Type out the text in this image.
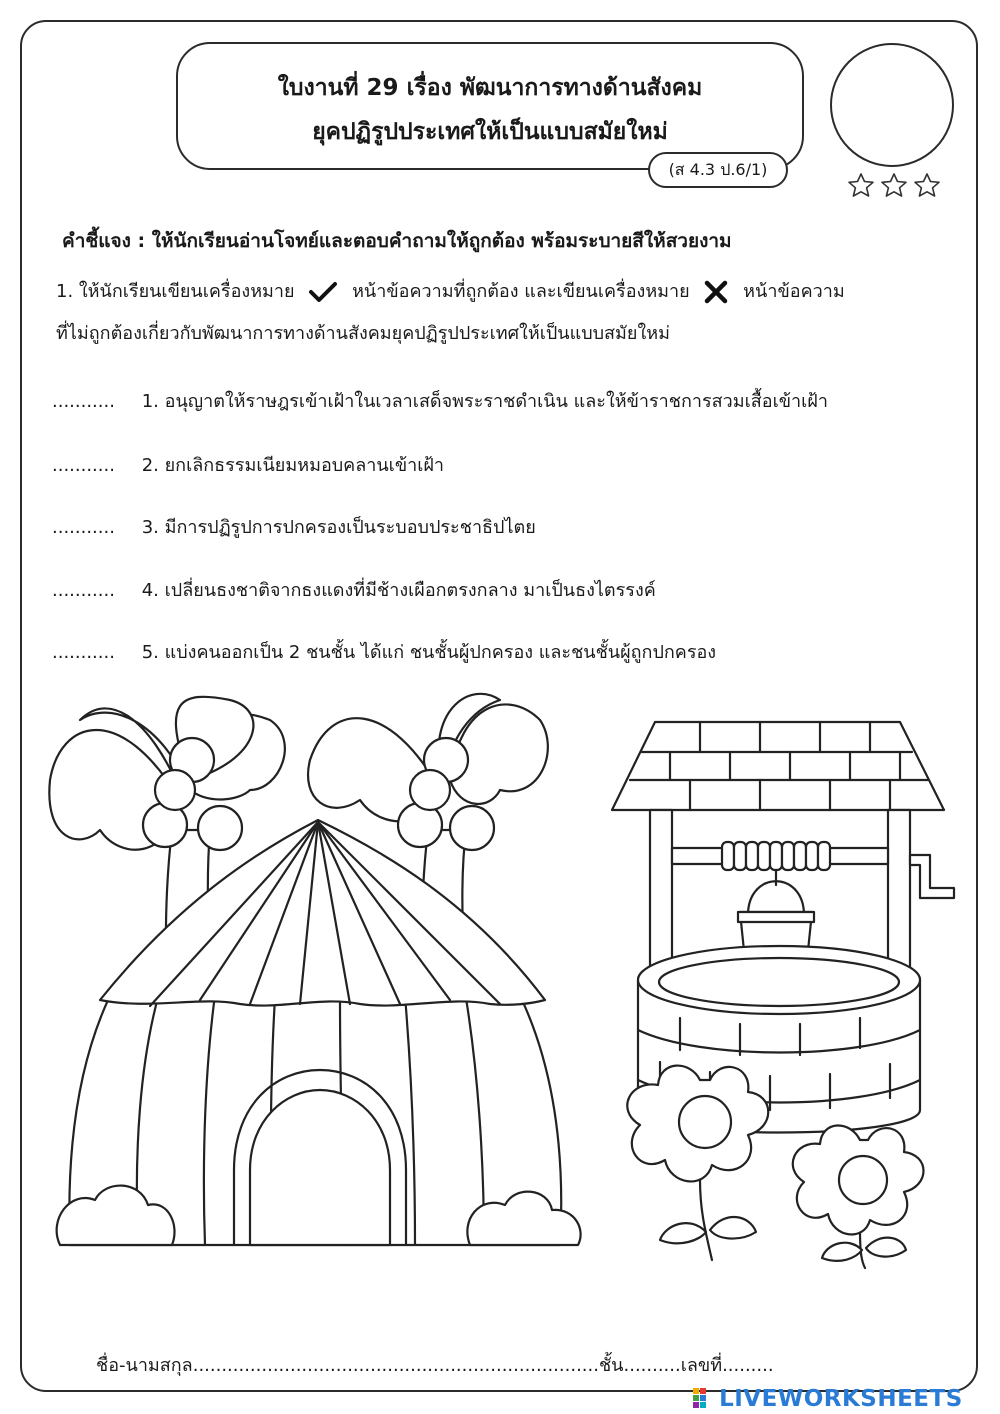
ใบงานที่ 29 เรื่อง พัฒนาการทางด้านสังคม
ยุคปฏิรูปประเทศให้เป็นแบบสมัยใหม่
(ส 4.3 ป.6/1)
คำชี้แจง : ให้นักเรียนอ่านโจทย์และตอบคำถามให้ถูกต้อง พร้อมระบายสีให้สวยงาม
1. ให้นักเรียนเขียนเครื่องหมาย	หน้าข้อความที่ถูกต้อง และเขียนเครื่องหมาย	หน้าข้อความ
ที่ไม่ถูกต้องเกี่ยวกับพัฒนาการทางด้านสังคมยุคปฏิรูปประเทศให้เป็นแบบสมัยใหม่
........... 1. อนุญาตให้ราษฎรเข้าเฝ้าในเวลาเสด็จพระราชดำเนิน และให้ข้าราชการสวมเสื้อเข้าเฝ้า
........... 2. ยกเลิกธรรมเนียมหมอบคลานเข้าเฝ้า
........... 3. มีการปฏิรูปการปกครองเป็นระบอบประชาธิปไตย
........... 4. เปลี่ยนธงชาติจากธงแดงที่มีช้างเผือกตรงกลาง มาเป็นธงไตรรงค์
........... 5. แบ่งคนออกเป็น 2 ชนชั้น ได้แก่ ชนชั้นผู้ปกครอง และชนชั้นผู้ถูกปกครอง
ชื่อ-นามสกุล.......................................................................ชั้น..........เลขที่.........
LIVEWORKSHEETS
